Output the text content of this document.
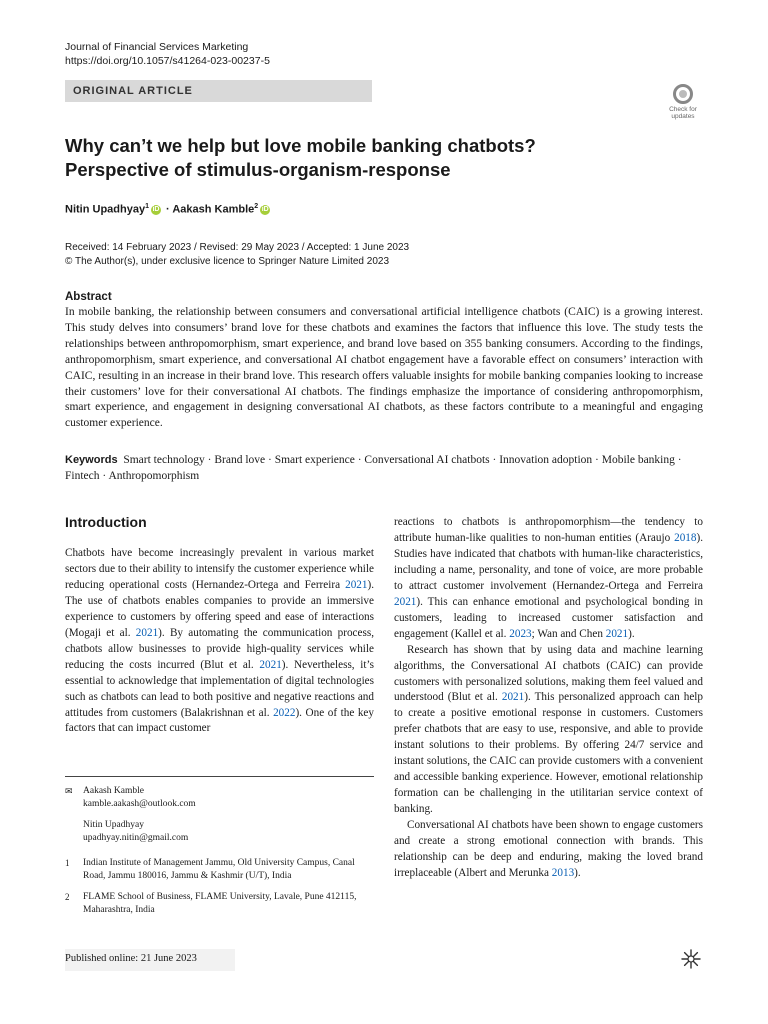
Journal of Financial Services Marketing
https://doi.org/10.1057/s41264-023-00237-5
ORIGINAL ARTICLE
Check for
updates
Why can’t we help but love mobile banking chatbots? Perspective of stimulus-organism-response
Nitin Upadhyay$^1$ iD · Aakash Kamble$^2$ iD
Received: 14 February 2023 / Revised: 29 May 2023 / Accepted: 1 June 2023
© The Author(s), under exclusive licence to Springer Nature Limited 2023
Abstract
In mobile banking, the relationship between consumers and conversational artificial intelligence chatbots (CAIC) is a growing interest. This study delves into consumers’ brand love for these chatbots and examines the factors that influence this love. The study tests the relationships between anthropomorphism, smart experience, and brand love based on 355 banking consumers. According to the findings, anthropomorphism, smart experience, and conversational AI chatbot engagement have a favorable effect on consumers’ interaction with CAIC, resulting in an increase in their brand love. This research offers valuable insights for mobile banking companies looking to increase their customers’ love for their conversational AI chatbots. The findings emphasize the importance of considering anthropomorphism, smart experience, and engagement in designing conversational AI chatbots, as these factors contribute to a meaningful and engaging customer experience.
Keywords Smart technology · Brand love · Smart experience · Conversational AI chatbots · Innovation adoption · Mobile banking · Fintech · Anthropomorphism
Introduction

Chatbots have become increasingly prevalent in various market sectors due to their ability to intensify the customer experience while reducing operational costs (Hernandez-Ortega and Ferreira 2021). The use of chatbots enables companies to provide an immersive experience to customers by offering speed and ease of interactions (Mogaji et al. 2021). By automating the communication process, chatbots allow businesses to provide high-quality services while reducing the costs incurred (Blut et al. 2021). Nevertheless, it’s essential to acknowledge that implementation of digital technologies such as chatbots can lead to both positive and negative reactions and attitudes from customers (Balakrishnan et al. 2022). One of the key factors that can impact customer

reactions to chatbots is anthropomorphism—the tendency to attribute human-like qualities to non-human entities (Araujo 2018). Studies have indicated that chatbots with human-like characteristics, including a name, personality, and tone of voice, are more probable to attract customer involvement (Hernandez-Ortega and Ferreira 2021). This can enhance emotional and psychological bonding in customers, leading to increased customer satisfaction and engagement (Kallel et al. 2023; Wan and Chen 2021).

Research has shown that by using data and machine learning algorithms, the Conversational AI chatbots (CAIC) can provide customers with personalized solutions, making them feel valued and understood (Blut et al. 2021). This personalized approach can help to create a positive emotional response in customers. Customers prefer chatbots that are easy to use, responsive, and able to provide instant solutions to their problems. By offering 24/7 service and instant solutions, the CAIC can provide customers with a convenient and accessible banking experience. However, emotional relationship formation can be challenging in the utilitarian service context of banking.

Conversational AI chatbots have been shown to engage customers and create a strong emotional connection with brands. This relationship can be deep and enduring, making the loved brand irreplaceable (Albert and Merunka 2013).

✉ Aakash Kamble
kamble.aakash@outlook.com
Nitin Upadhyay
upadhyay.nitin@gmail.com
1 Indian Institute of Management Jammu, Old University Campus, Canal Road, Jammu 180016, Jammu & Kashmir (U/T), India
2 FLAME School of Business, FLAME University, Lavale, Pune 412115, Maharashtra, India
Published online: 21 June 2023
